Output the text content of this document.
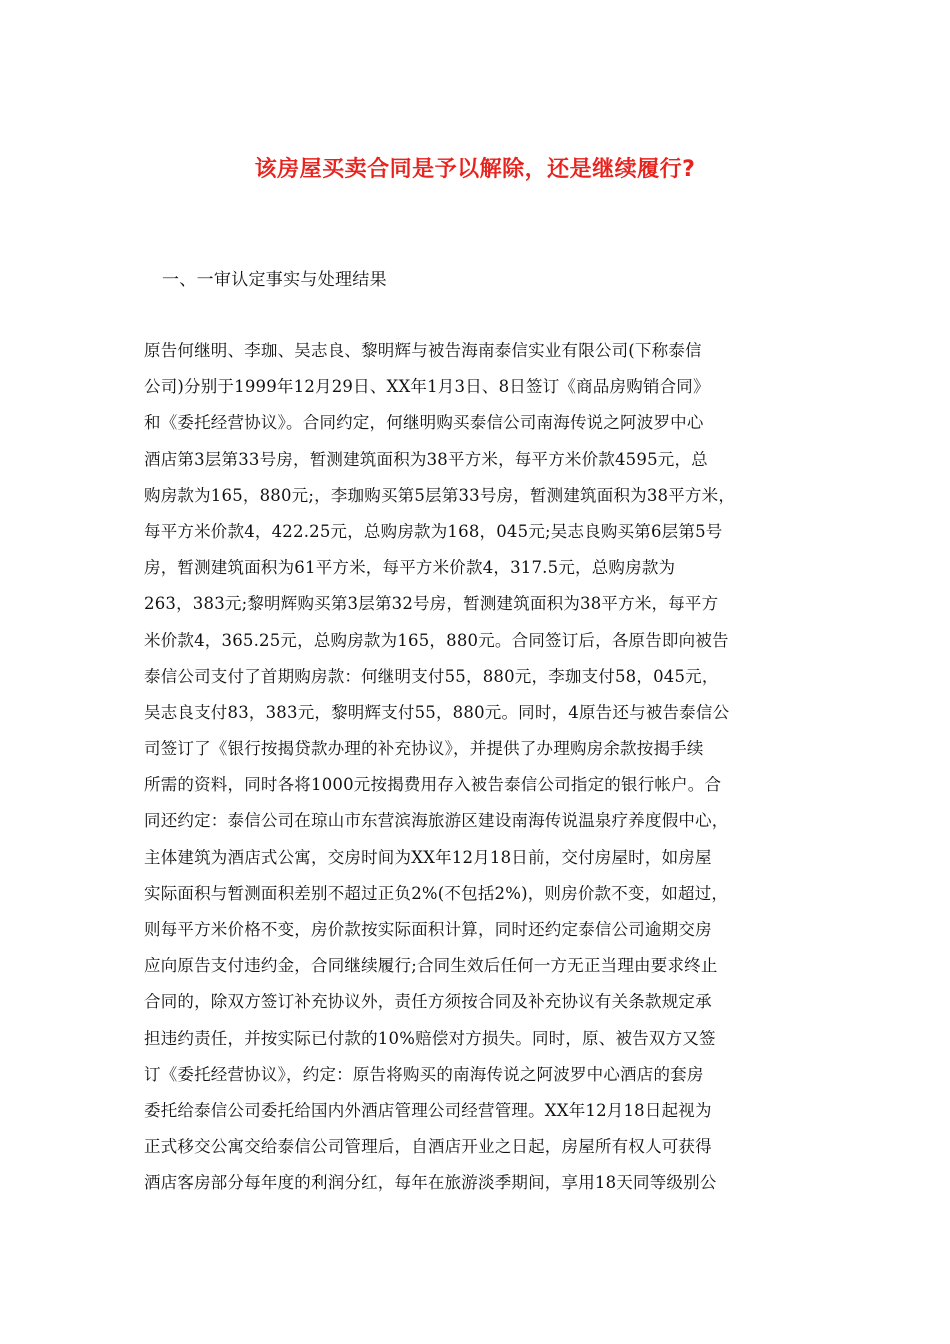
该房屋买卖合同是予以解除，还是继续履行?
一、一审认定事实与处理结果
原告何继明、李珈、吴志良、黎明辉与被告海南泰信实业有限公司(下称泰信
公司)分别于1999年12月29日、XX年1月3日、8日签订《商品房购销合同》
和《委托经营协议》。合同约定，何继明购买泰信公司南海传说之阿波罗中心
酒店第3层第33号房，暂测建筑面积为38平方米，每平方米价款4595元，总
购房款为165，880元;，李珈购买第5层第33号房，暂测建筑面积为38平方米，
每平方米价款4，422.25元，总购房款为168，045元;吴志良购买第6层第5号
房，暂测建筑面积为61平方米，每平方米价款4，317.5元，总购房款为
263，383元;黎明辉购买第3层第32号房，暂测建筑面积为38平方米，每平方
米价款4，365.25元，总购房款为165，880元。合同签订后，各原告即向被告
泰信公司支付了首期购房款：何继明支付55，880元，李珈支付58，045元，
吴志良支付83，383元，黎明辉支付55，880元。同时，4原告还与被告泰信公
司签订了《银行按揭贷款办理的补充协议》，并提供了办理购房余款按揭手续
所需的资料，同时各将1000元按揭费用存入被告泰信公司指定的银行帐户。合
同还约定：泰信公司在琼山市东营滨海旅游区建设南海传说温泉疗养度假中心，
主体建筑为酒店式公寓，交房时间为XX年12月18日前，交付房屋时，如房屋
实际面积与暂测面积差别不超过正负2%(不包括2%)，则房价款不变，如超过，
则每平方米价格不变，房价款按实际面积计算，同时还约定泰信公司逾期交房
应向原告支付违约金，合同继续履行;合同生效后任何一方无正当理由要求终止
合同的，除双方签订补充协议外，责任方须按合同及补充协议有关条款规定承
担违约责任，并按实际已付款的10%赔偿对方损失。同时，原、被告双方又签
订《委托经营协议》，约定：原告将购买的南海传说之阿波罗中心酒店的套房
委托给泰信公司委托给国内外酒店管理公司经营管理。XX年12月18日起视为
正式移交公寓交给泰信公司管理后，自酒店开业之日起，房屋所有权人可获得
酒店客房部分每年度的利润分红，每年在旅游淡季期间，享用18天同等级别公
